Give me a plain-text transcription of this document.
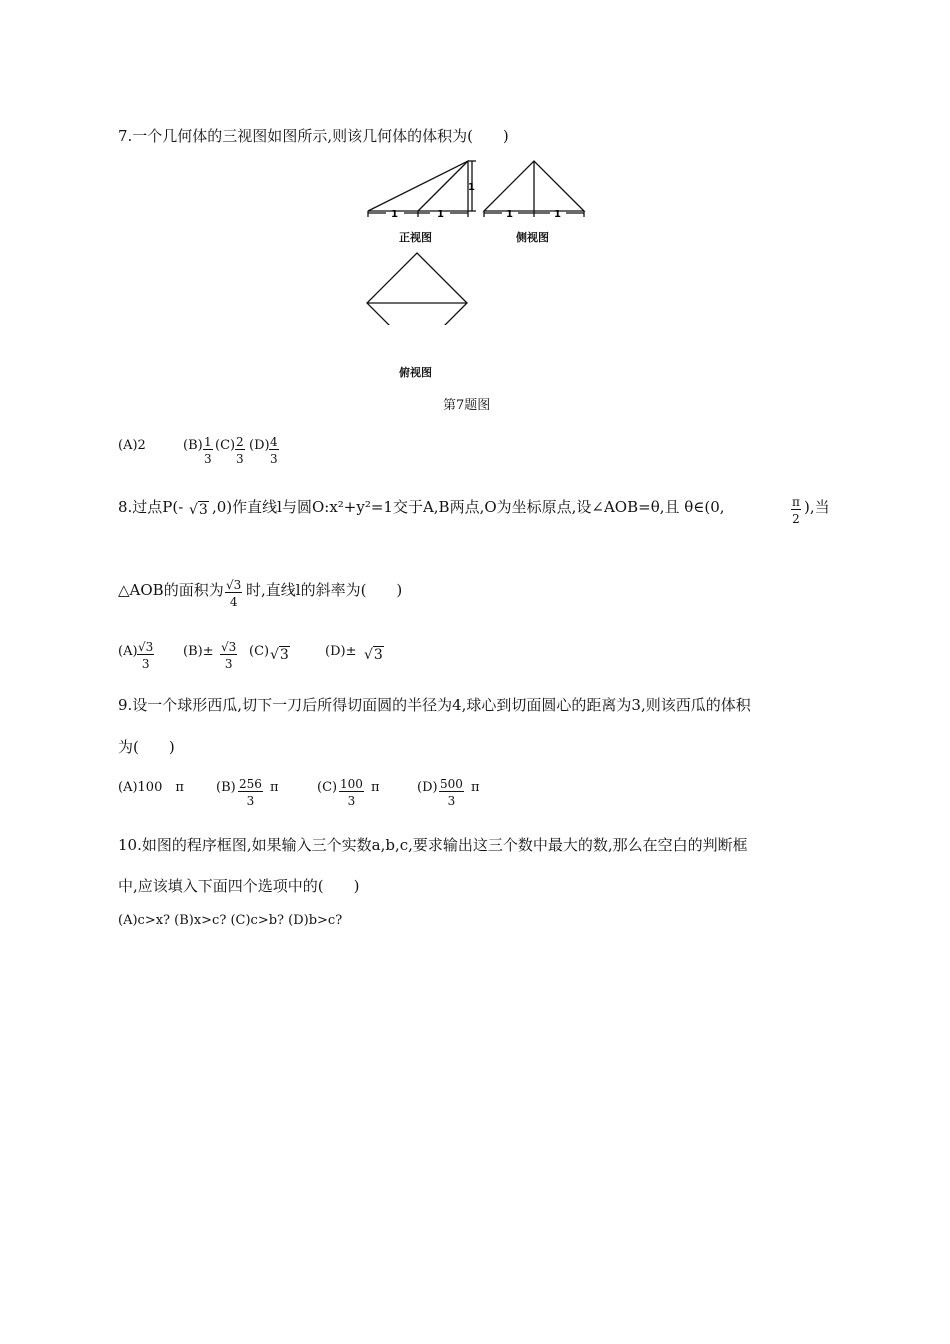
7.一个几何体的三视图如图所示,则该几何体的体积为(　　)
1	1
1
1	1
正视图	侧视图
俯视图
第7题图
(A)2	$(B) \frac{1}{3} (C) \frac{2}{3} (D) \frac{4}{3}$
8.过点P(- √3 ,0)作直线l与圆O:x²+y²=1交于A,B两点,O为坐标原点,设∠AOB=θ,且 θ∈(0,	$\frac{\pi}{2}$ ),当
△AOB的面积为 $\frac{√3}{4}$ 时,直线l的斜率为(　　)
$(A) \frac{√3}{3} (B)\pm \frac{√3}{3} (C)$ √3	(D)± √3
9.设一个球形西瓜,切下一刀后所得切面圆的半径为4,球心到切面圆心的距离为3,则该西瓜的体积
为(　　)
(A)100　π $(B) \frac{256}{3}$ π	$(C) \frac{100}{3}$ π	$(D) \frac{500}{3}$ π
10.如图的程序框图,如果输入三个实数a,b,c,要求输出这三个数中最大的数,那么在空白的判断框
中,应该填入下面四个选项中的(　　)
(A)c>x? (B)x>c? (C)c>b? (D)b>c?
